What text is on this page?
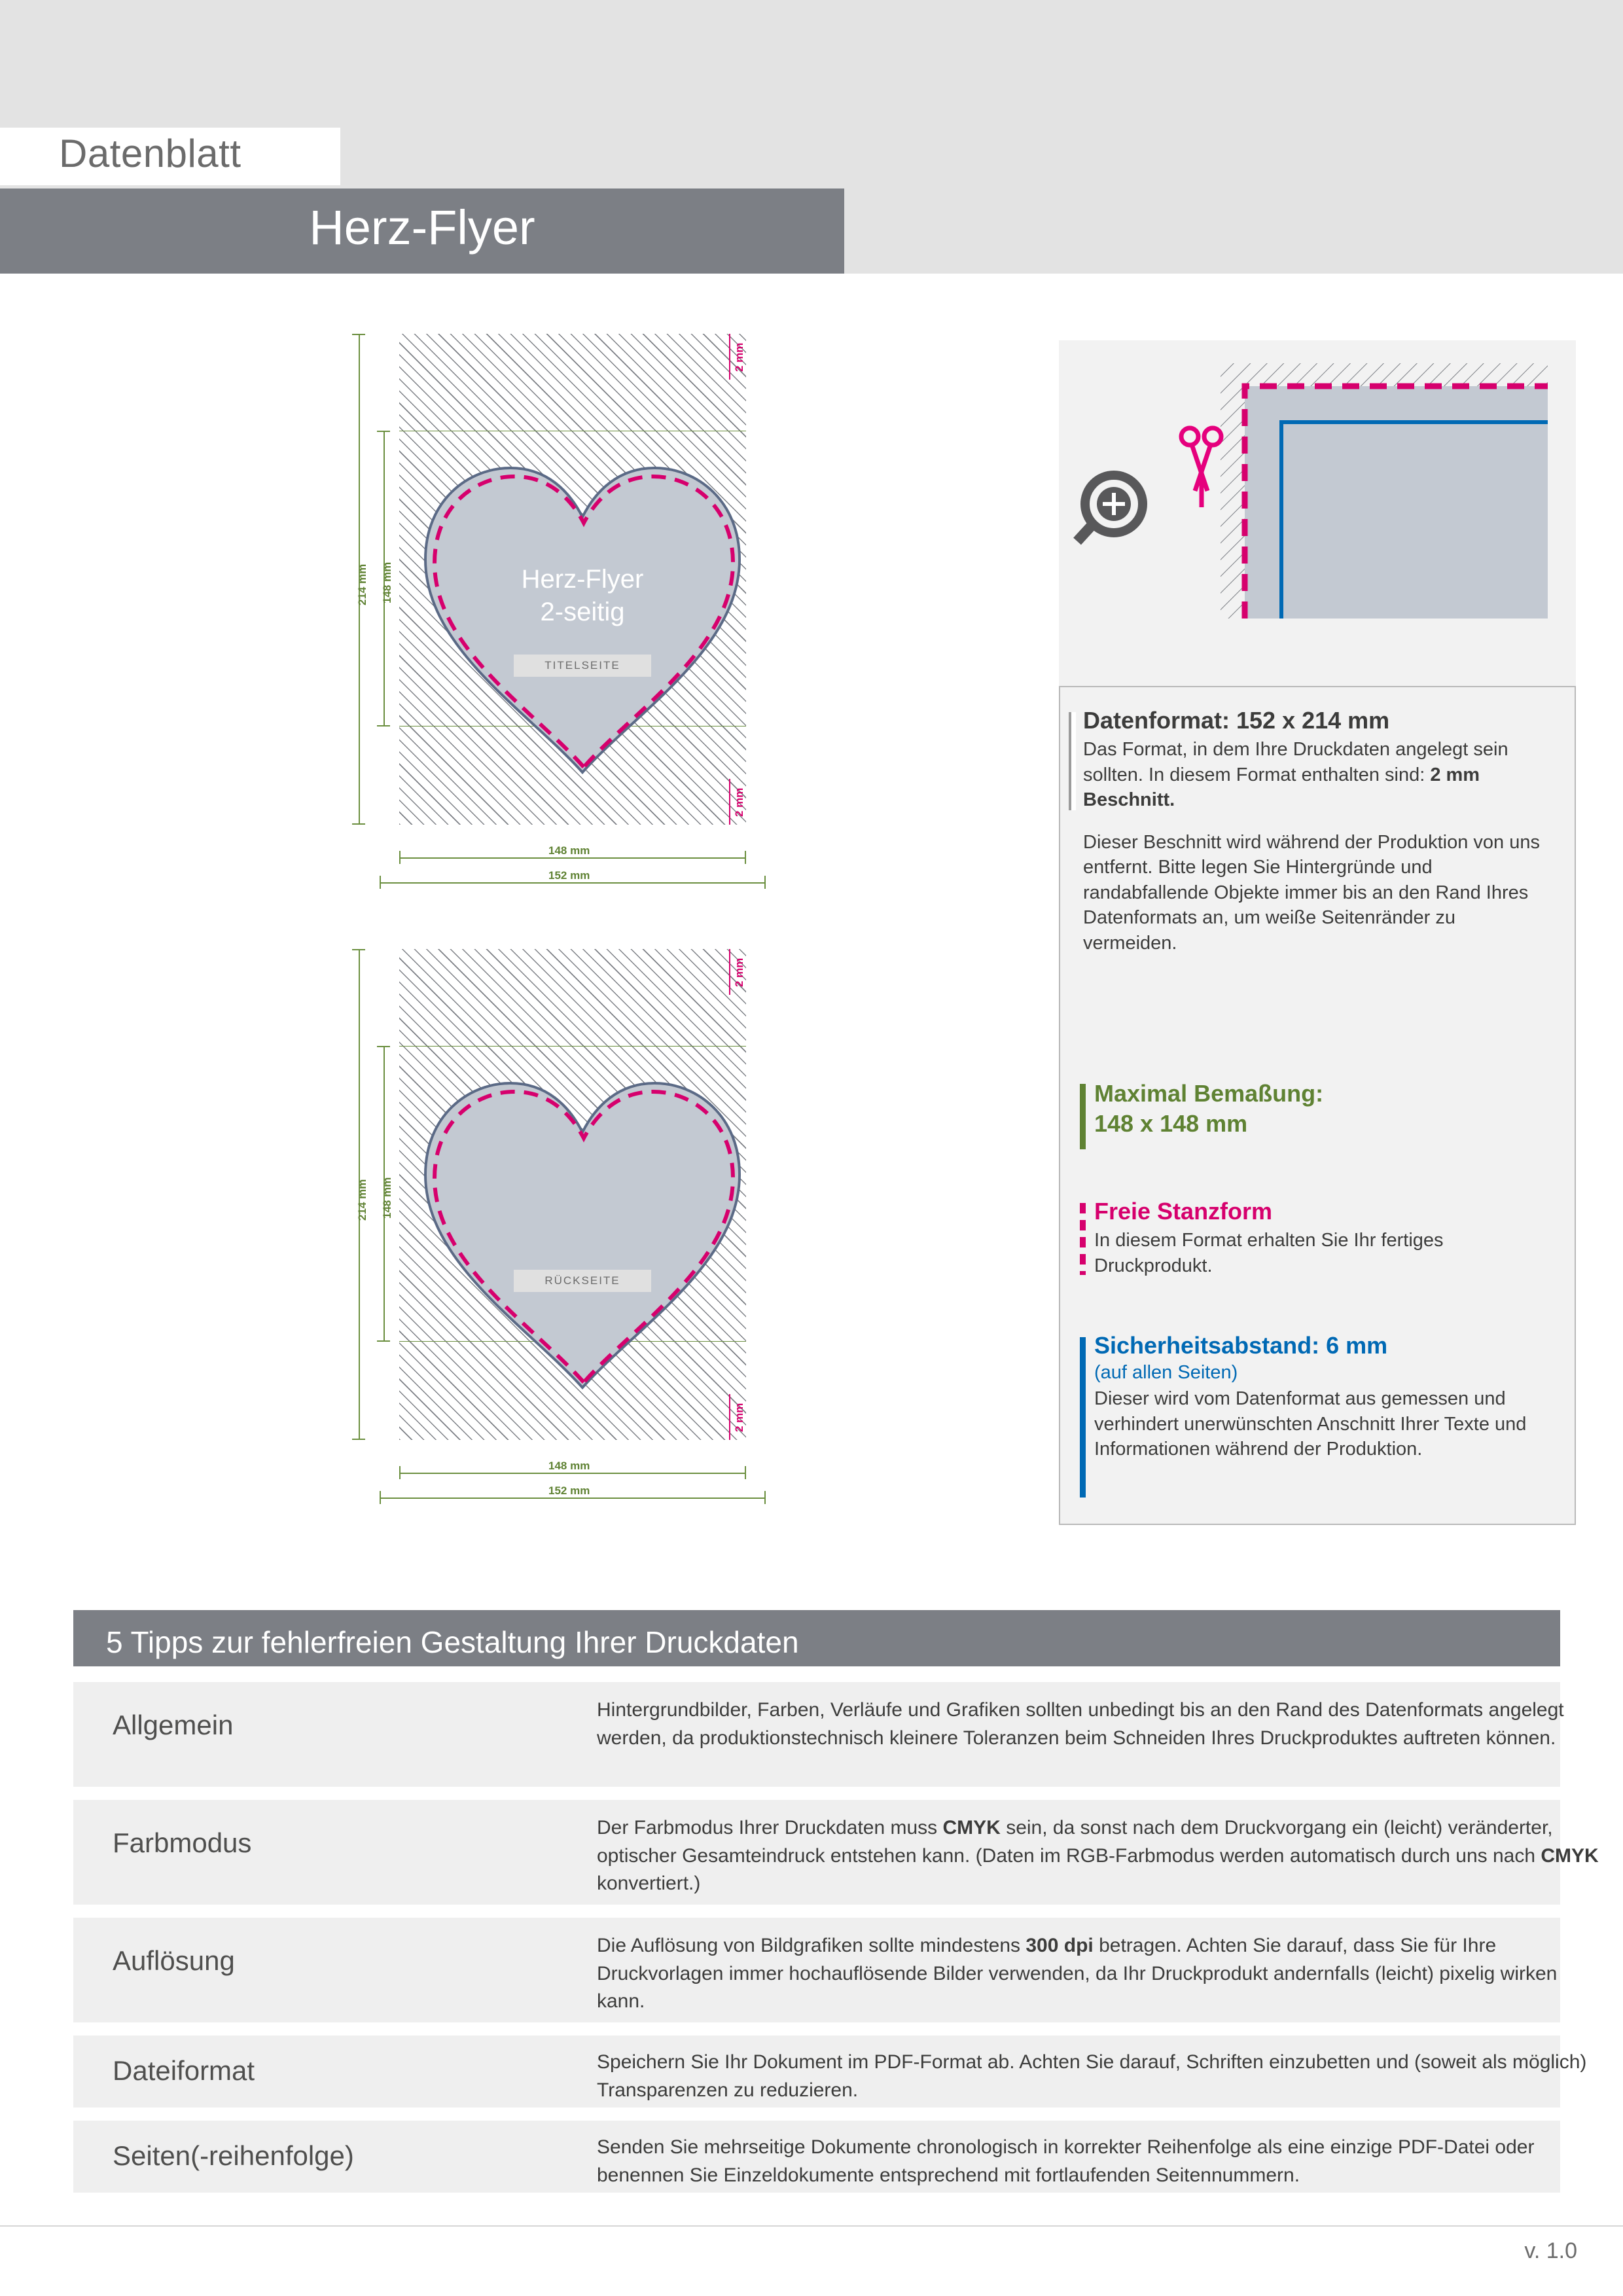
Datenblatt
Herz-Flyer
Herz-Flyer
2-seitig
TITELSEITE
214 mm 148 mm
148 mm
152 mm
2 mm
2 mm
RÜCKSEITE
214 mm 148 mm
148 mm
152 mm
2 mm
2 mm
Datenformat: 152 x 214 mm

Das Format, in dem Ihre Druckdaten angelegt sein sollten. In diesem Format enthalten sind: 2 mm Beschnitt.

Dieser Beschnitt wird während der Produktion von uns entfernt. Bitte legen Sie Hintergründe und randabfallende Objekte immer bis an den Rand Ihres Datenformats an, um weiße Seitenränder zu vermeiden.

Maximal Bemaßung:
148 x 148 mm
Freie Stanzform

In diesem Format erhalten Sie Ihr fertiges Druckprodukt.

Sicherheitsabstand: 6 mm
(auf allen Seiten)

Dieser wird vom Datenformat aus gemessen und verhindert unerwünschten Anschnitt Ihrer Texte und Informationen während der Produktion.

5 Tipps zur fehlerfreien Gestaltung Ihrer Druckdaten
Allgemein	Hintergrundbilder, Farben, Verläufe und Grafiken sollten unbedingt bis an den Rand des Datenformats angelegt werden, da produktionstechnisch kleinere Toleranzen beim Schneiden Ihres Druckproduktes auftreten können.
Farbmodus	Der Farbmodus Ihrer Druckdaten muss CMYK sein, da sonst nach dem Druckvorgang ein (leicht) veränderter, optischer Gesamteindruck entstehen kann. (Daten im RGB-Farbmodus werden automatisch durch uns nach CMYK konvertiert.)
Auflösung	Die Auflösung von Bildgrafiken sollte mindestens 300 dpi betragen. Achten Sie darauf, dass Sie für Ihre Druckvorlagen immer hochauflösende Bilder verwenden, da Ihr Druckprodukt andernfalls (leicht) pixelig wirken kann.
Dateiformat	Speichern Sie Ihr Dokument im PDF-Format ab. Achten Sie darauf, Schriften einzubetten und (soweit als möglich) Transparenzen zu reduzieren.
Seiten(-reihenfolge)	Senden Sie mehrseitige Dokumente chronologisch in korrekter Reihenfolge als eine einzige PDF-Datei oder benennen Sie Einzeldokumente entsprechend mit fortlaufenden Seitennummern.
v. 1.0
